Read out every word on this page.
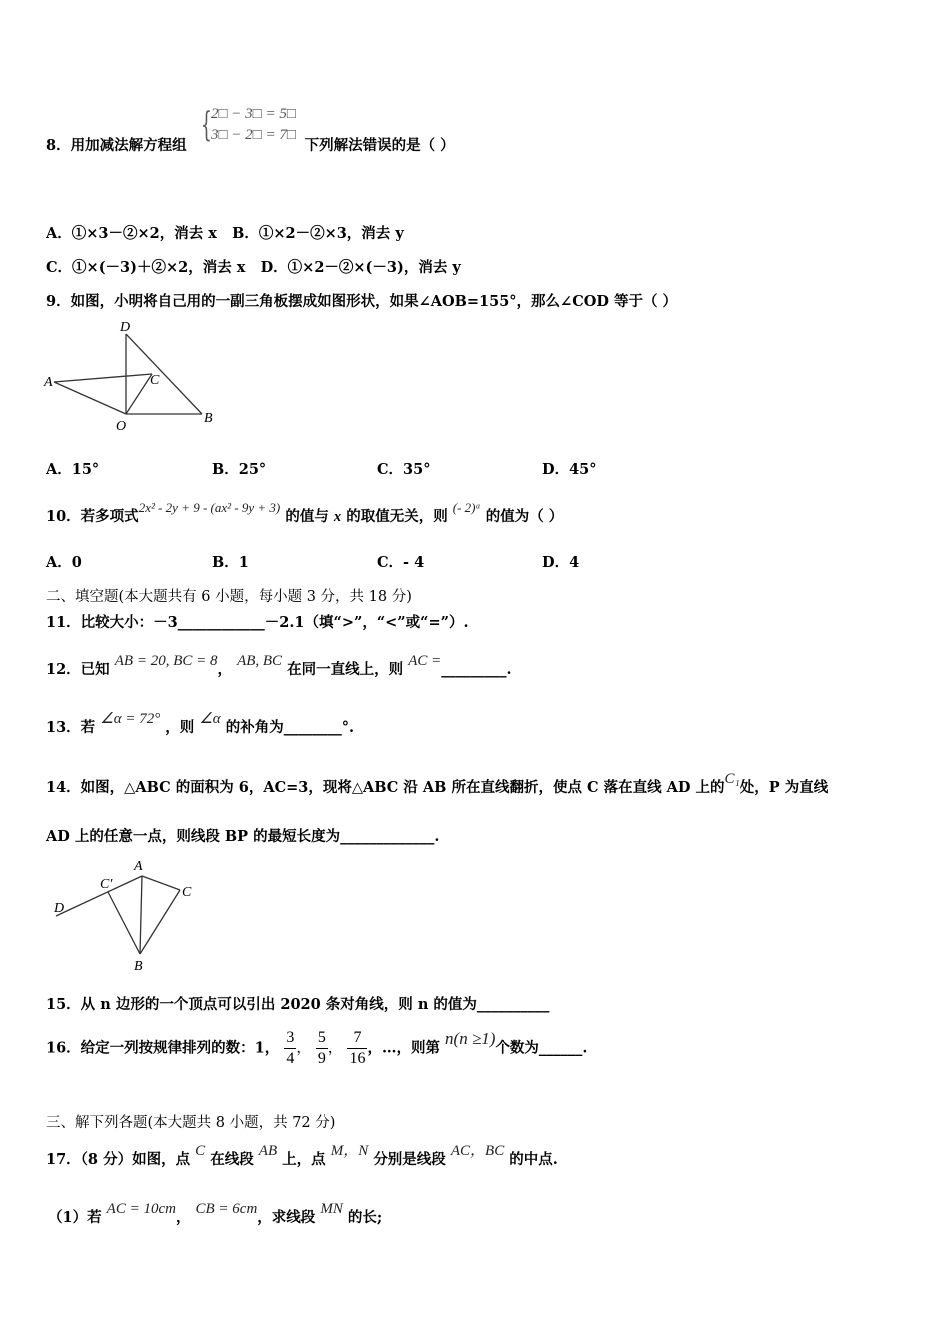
{ 2□ − 3□ = 5□
3□ − 2□ = 7□
8．用加减法解方程组	下列解法错误的是（ ）
A．①×3－②×2，消去 x B．①×2－②×3，消去 y
C．①×(－3)＋②×2，消去 x D．①×2－②×(－3)，消去 y
9．如图，小明将自己用的一副三角板摆成如图形状，如果∠AOB=155°，那么∠COD 等于（ ）
D
A	C
O
B
A．15°	B．25°	C．35°	D．45°
10．若多项式2x² - 2y + 9 - (ax² - 9y + 3) 的值与 x 的取值无关，则 (- 2)ᵃ 的值为（ ）
A．0	B．1	C．- 4	D．4
二、填空题(本大题共有 6 小题，每小题 3 分，共 18 分)
11．比较大小：－3____________－2.1（填“>”，“<”或“=”）.
12．已知 AB = 20, BC = 8， AB, BC 在同一直线上，则 AC =_________.
13．若 ∠α = 72° ，则 ∠α 的补角为________°.
14．如图，△ABC 的面积为 6，AC=3，现将△ABC 沿 AB 所在直线翻折，使点 C 落在直线 AD 上的C₁处，P 为直线
AD 上的任意一点，则线段 BP 的最短长度为_____________.
A
C'
C
D
B
15．从 n 边形的一个顶点可以引出 2020 条对角线，则 n 的值为__________
16．给定一列按规律排列的数：1， $\frac{3}{4}$ ， $\frac{5}{9}$ ， $\frac{7}{16}$ ，…，则第 n(n ≥1)个数为______.
三、解下列各题(本大题共 8 小题，共 72 分)
17．（8 分）如图，点 C 在线段 AB 上，点 M，N 分别是线段 AC，BC 的中点.
（1）若 AC = 10cm， CB = 6cm，求线段 MN 的长;
